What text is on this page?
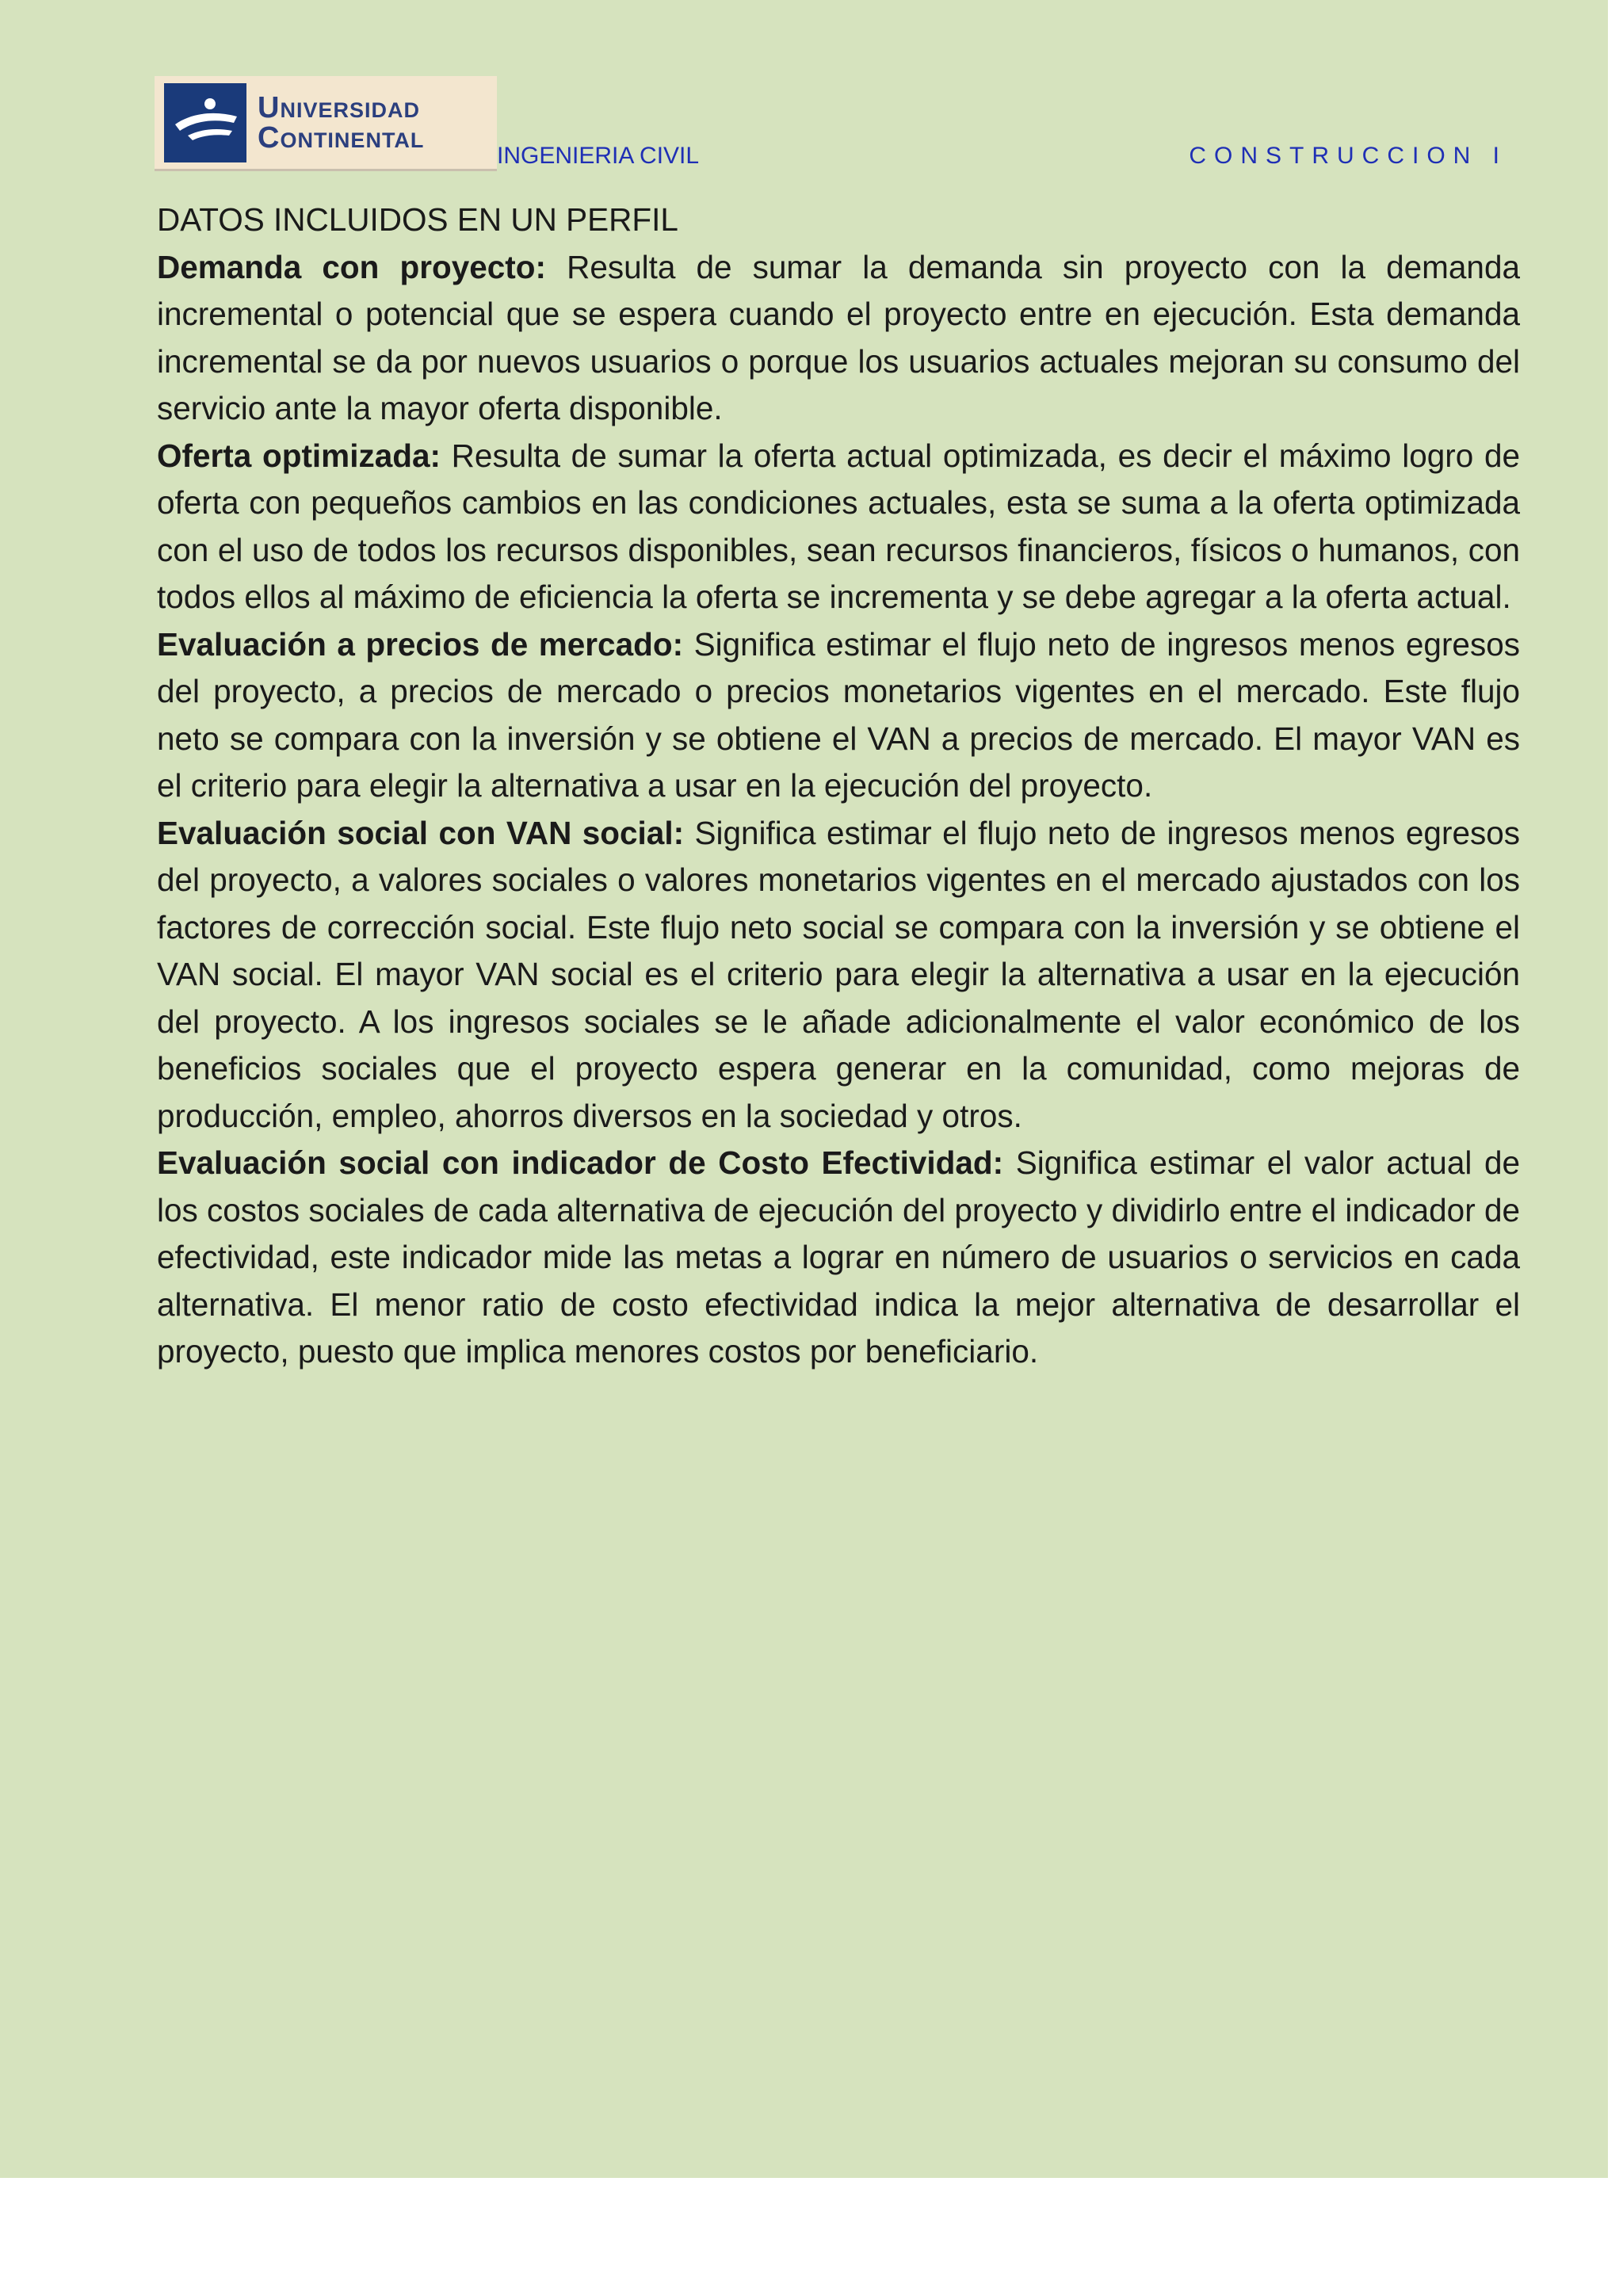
Universidad
Continental
INGENIERIA CIVIL	CONSTRUCCION I
DATOS INCLUIDOS EN UN PERFIL

Demanda con proyecto: Resulta de sumar la demanda sin proyecto con la demanda incremental o potencial que se espera cuando el proyecto entre en ejecución. Esta demanda incremental se da por nuevos usuarios o porque los usuarios actuales mejoran su consumo del servicio ante la mayor oferta disponible.

Oferta optimizada: Resulta de sumar la oferta actual optimizada, es decir el máximo logro de oferta con pequeños cambios en las condiciones actuales, esta se suma a la oferta optimizada con el uso de todos los recursos disponibles, sean recursos financieros, físicos o humanos, con todos ellos al máximo de eficiencia la oferta se incrementa y se debe agregar a la oferta actual.

Evaluación a precios de mercado: Significa estimar el flujo neto de ingresos menos egresos del proyecto, a precios de mercado o precios monetarios vigentes en el mercado. Este flujo neto se compara con la inversión y se obtiene el VAN a precios de mercado. El mayor VAN es el criterio para elegir la alternativa a usar en la ejecución del proyecto.

Evaluación social con VAN social: Significa estimar el flujo neto de ingresos menos egresos del proyecto, a valores sociales o valores monetarios vigentes en el mercado ajustados con los factores de corrección social. Este flujo neto social se compara con la inversión y se obtiene el VAN social. El mayor VAN social es el criterio para elegir la alternativa a usar en la ejecución del proyecto. A los ingresos sociales se le añade adicionalmente el valor económico de los beneficios sociales que el proyecto espera generar en la comunidad, como mejoras de producción, empleo, ahorros diversos en la sociedad y otros.

Evaluación social con indicador de Costo Efectividad: Significa estimar el valor actual de los costos sociales de cada alternativa de ejecución del proyecto y dividirlo entre el indicador de efectividad, este indicador mide las metas a lograr en número de usuarios o servicios en cada alternativa. El menor ratio de costo efectividad indica la mejor alternativa de desarrollar el proyecto, puesto que implica menores costos por beneficiario.
